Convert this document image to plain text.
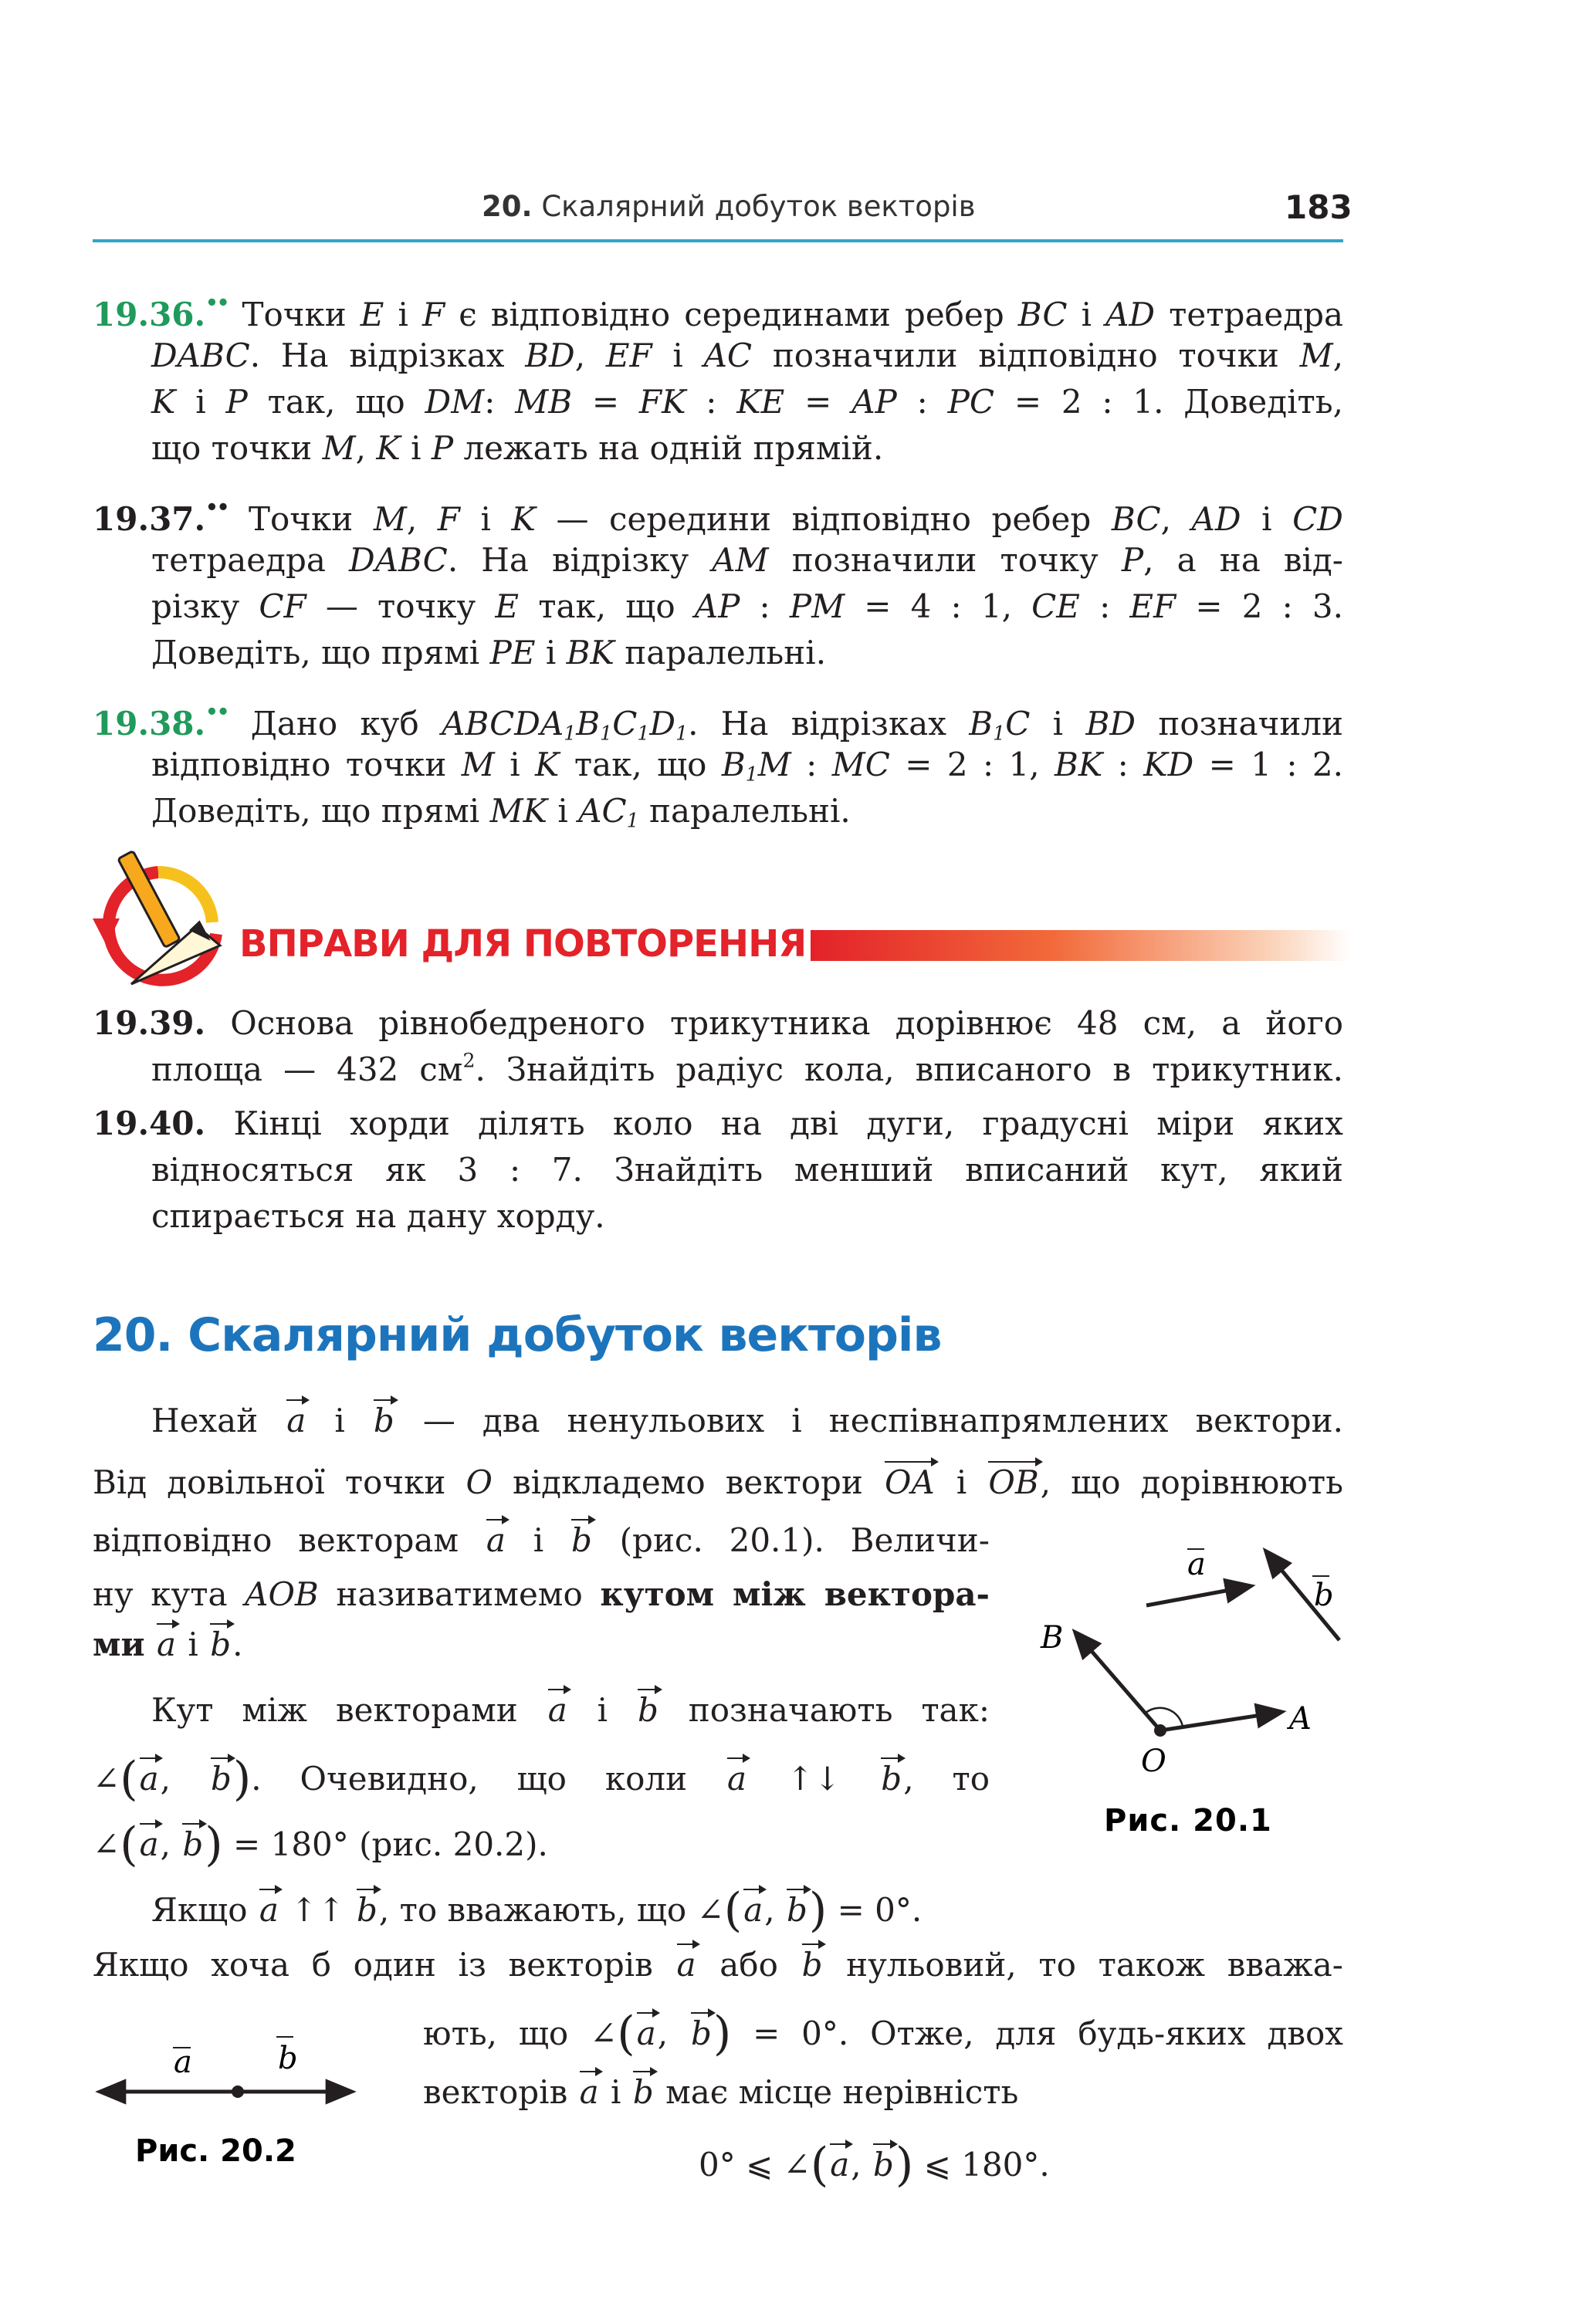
20. Скалярний добуток векторів	183
19.36.•• Точки E і F є відповідно серединами ребер BC і AD тетраедра
DABC. На відрізках BD, EF і AC позначили відповідно точки M,
K і P так, що DM: MB = FK : KE = AP : PC = 2 : 1. Доведіть,
що точки M, K і P лежать на одній прямій.
19.37.•• Точки M, F і K — середини відповідно ребер BC, AD і CD
тетраедра DABC. На відрізку AM позначили точку P, а на від-
різку CF — точку E так, що AP : PM = 4 : 1, CE : EF = 2 : 3.
Доведіть, що прямі PE і BK паралельні.
19.38.•• Дано куб $ABCDA_1B_1C_1D_1$. На відрізках $B_1C$ і BD позначили
відповідно точки M і K так, що $B_1M$ : MC = 2 : 1, BK : KD = 1 : 2.
Доведіть, що прямі MK і $AC_1$ паралельні.
ВПРАВИ ДЛЯ ПОВТОРЕННЯ
19.39. Основа рівнобедреного трикутника дорівнює 48 см, а його
площа — 432 $см^2$. Знайдіть радіус кола, вписаного в трикутник.
19.40. Кінці хорди ділять коло на дві дуги, градусні міри яких
відносяться як 3 : 7. Знайдіть менший вписаний кут, який
спирається на дану хорду.
20. Скалярний добуток векторів
Нехай a і b — два ненульових і неспівнапрямлених вектори.
Від довільної точки O відкладемо вектори OA і OB, що дорівнюють
відповідно векторам a і b (рис. 20.1). Величи-
ну кута AOB називатимемо кутом між вектора-
ми a і b.
Кут між векторами a і b позначають так:
∠(a, b). Очевидно, що коли a ↑↓ b, то
∠(a, b) = 180° (рис. 20.2).
Якщо a ↑↑ b, то вважають, що ∠(a, b) = 0°.
Якщо хоча б один із векторів a або b нульовий, то також вважа-
ють, що ∠(a, b) = 0°. Отже, для будь-яких двох
векторів a і b має місце нерівність
0° ⩽ ∠(a, b) ⩽ 180°.
a
b
B
A
O
Рис. 20.1
a	b
Рис. 20.2
